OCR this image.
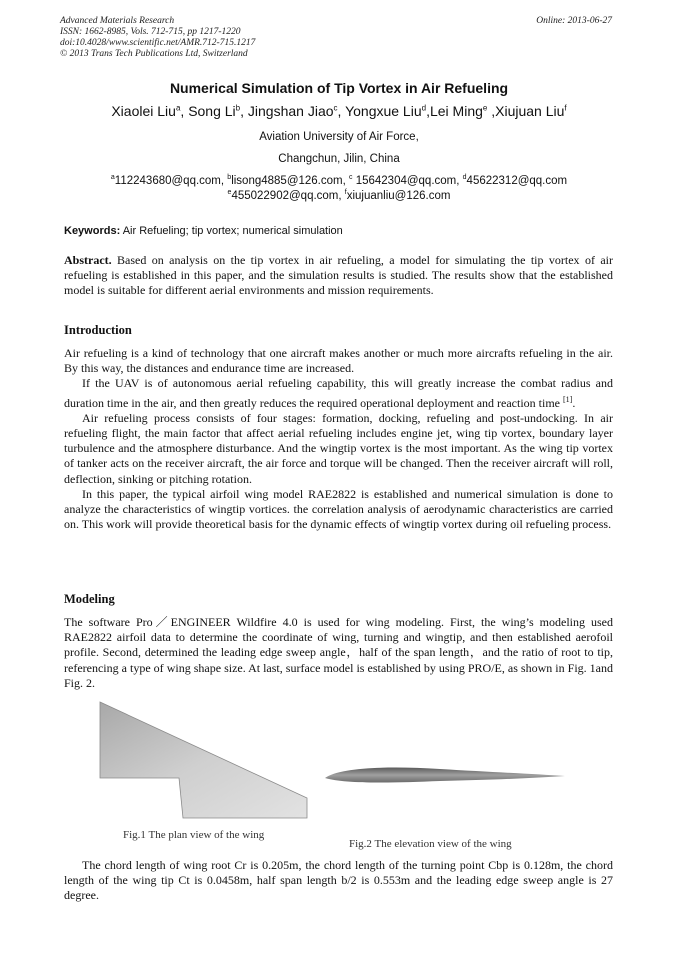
Advanced Materials Research
ISSN: 1662-8985, Vols. 712-715, pp 1217-1220
doi:10.4028/www.scientific.net/AMR.712-715.1217
© 2013 Trans Tech Publications Ltd, Switzerland
Online: 2013-06-27
Numerical Simulation of Tip Vortex in Air Refueling
Xiaolei Liu$^a$, Song Li$^b$, Jingshan Jiao$^c$, Yongxue Liu$^d$,Lei Ming$^e$ ,Xiujuan Liu$^f$
Aviation University of Air Force,
Changchun, Jilin, China
$^a$112243680@qq.com, $^b$lisong4885@126.com, $^c$ 15642304@qq.com, $^d$45622312@qq.com
$^e$455022902@qq.com, $^f$xiujuanliu@126.com
Keywords: Air Refueling; tip vortex; numerical simulation

Abstract. Based on analysis on the tip vortex in air refueling, a model for simulating the tip vortex of air refueling is established in this paper, and the simulation results is studied. The results show that the established model is suitable for different aerial environments and mission requirements.

Introduction

Air refueling is a kind of technology that one aircraft makes another or much more aircrafts refueling in the air. By this way, the distances and endurance time are increased.

If the UAV is of autonomous aerial refueling capability, this will greatly increase the combat radius and duration time in the air, and then greatly reduces the required operational deployment and reaction time [1].

Air refueling process consists of four stages: formation, docking, refueling and post-undocking. In air refueling flight, the main factor that affect aerial refueling includes engine jet, wing tip vortex, boundary layer turbulence and the atmosphere disturbance. And the wingtip vortex is the most important. As the wing tip vortex of tanker acts on the receiver aircraft, the air force and torque will be changed. Then the receiver aircraft will roll, deflection, sinking or pitching rotation.

In this paper, the typical airfoil wing model RAE2822 is established and numerical simulation is done to analyze the characteristics of wingtip vortices. the correlation analysis of aerodynamic characteristics are carried on. This work will provide theoretical basis for the dynamic effects of wingtip vortex during oil refueling process.

Modeling

The software Pro／ENGINEER Wildfire 4.0 is used for wing modeling. First, the wing’s modeling used RAE2822 airfoil data to determine the coordinate of wing, turning and wingtip, and then established aerofoil profile. Second, determined the leading edge sweep angle，half of the span length，and the ratio of root to tip, referencing a type of wing shape size. At last, surface model is established by using PRO/E, as shown in Fig. 1and Fig. 2.

Fig.1 The plan view of the wing
Fig.2 The elevation view of the wing

The chord length of wing root Cr is 0.205m, the chord length of the turning point Cbp is 0.128m, the chord length of the wing tip Ct is 0.0458m, half span length b/2 is 0.553m and the leading edge sweep angle is 27 degree.
